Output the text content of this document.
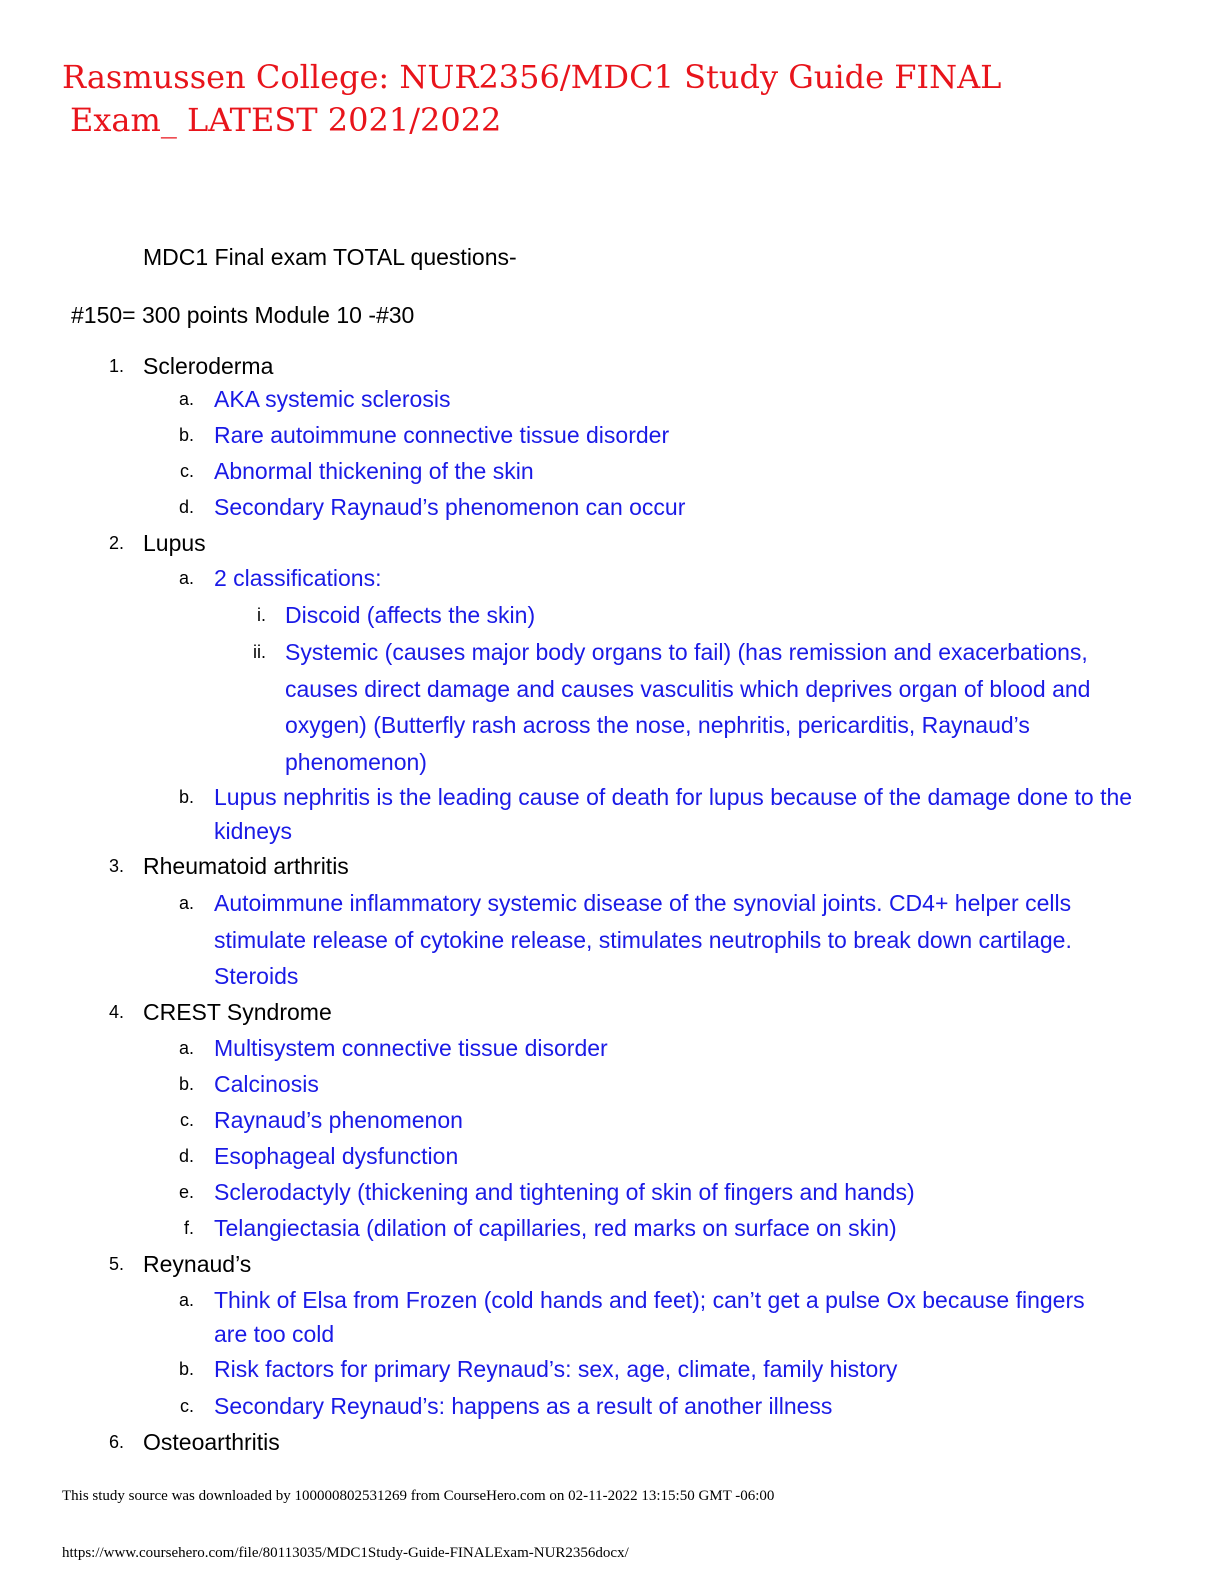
Rasmussen College: NUR2356/MDC1 Study Guide FINAL
Exam_ LATEST 2021/2022
MDC1 Final exam TOTAL questions-
#150= 300 points Module 10 -#30
1. Scleroderma
a. AKA systemic sclerosis
b. Rare autoimmune connective tissue disorder
c. Abnormal thickening of the skin
d. Secondary Raynaud’s phenomenon can occur
2. Lupus
a. 2 classifications:
i. Discoid (affects the skin)
ii. Systemic (causes major body organs to fail) (has remission and exacerbations, causes direct damage and causes vasculitis which deprives organ of blood and oxygen) (Butterfly rash across the nose, nephritis, pericarditis, Raynaud’s phenomenon)
b. Lupus nephritis is the leading cause of death for lupus because of the damage done to the kidneys
3. Rheumatoid arthritis
a. Autoimmune inflammatory systemic disease of the synovial joints. CD4+ helper cells stimulate release of cytokine release, stimulates neutrophils to break down cartilage. Steroids
4. CREST Syndrome
a. Multisystem connective tissue disorder
b. Calcinosis
c. Raynaud’s phenomenon
d. Esophageal dysfunction
e. Sclerodactyly (thickening and tightening of skin of fingers and hands)
f. Telangiectasia (dilation of capillaries, red marks on surface on skin)
5. Reynaud’s
a. Think of Elsa from Frozen (cold hands and feet); can’t get a pulse Ox because fingers are too cold
b. Risk factors for primary Reynaud’s: sex, age, climate, family history
c. Secondary Reynaud’s: happens as a result of another illness
6. Osteoarthritis
This study source was downloaded by 100000802531269 from CourseHero.com on 02-11-2022 13:15:50 GMT -06:00
https://www.coursehero.com/file/80113035/MDC1Study-Guide-FINALExam-NUR2356docx/
